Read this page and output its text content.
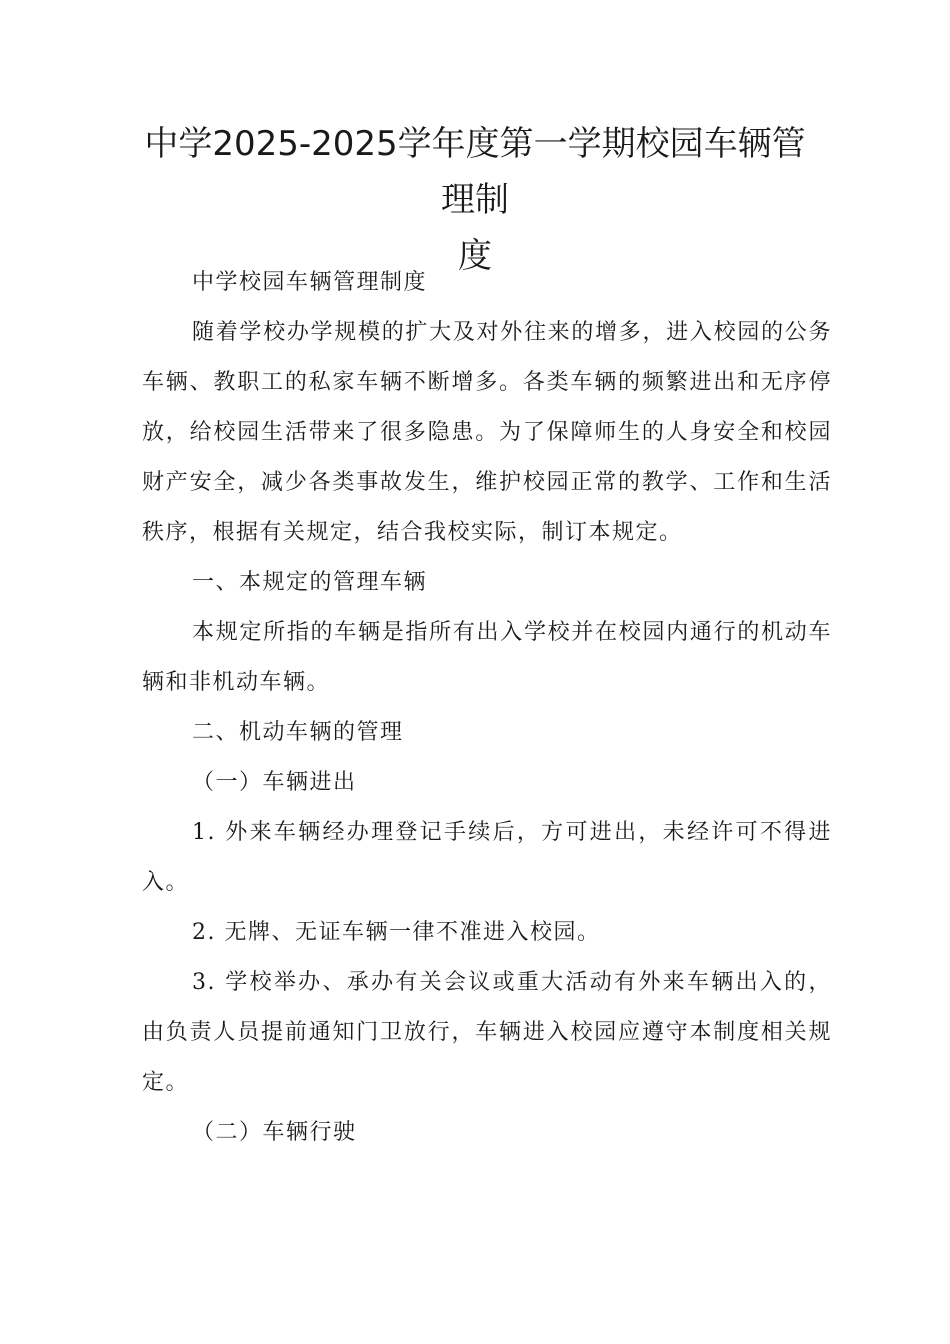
中学2025-2025学年度第一学期校园车辆管理制
度

中学校园车辆管理制度

随着学校办学规模的扩大及对外往来的增多，进入校园的公务车辆、教职工的私家车辆不断增多。各类车辆的频繁进出和无序停放，给校园生活带来了很多隐患。为了保障师生的人身安全和校园财产安全，减少各类事故发生，维护校园正常的教学、工作和生活秩序，根据有关规定，结合我校实际，制订本规定。

一、本规定的管理车辆

本规定所指的车辆是指所有出入学校并在校园内通行的机动车辆和非机动车辆。

二、机动车辆的管理

（一）车辆进出

1. 外来车辆经办理登记手续后，方可进出，未经许可不得进入。

2. 无牌、无证车辆一律不准进入校园。

3. 学校举办、承办有关会议或重大活动有外来车辆出入的，由负责人员提前通知门卫放行，车辆进入校园应遵守本制度相关规定。

（二）车辆行驶
